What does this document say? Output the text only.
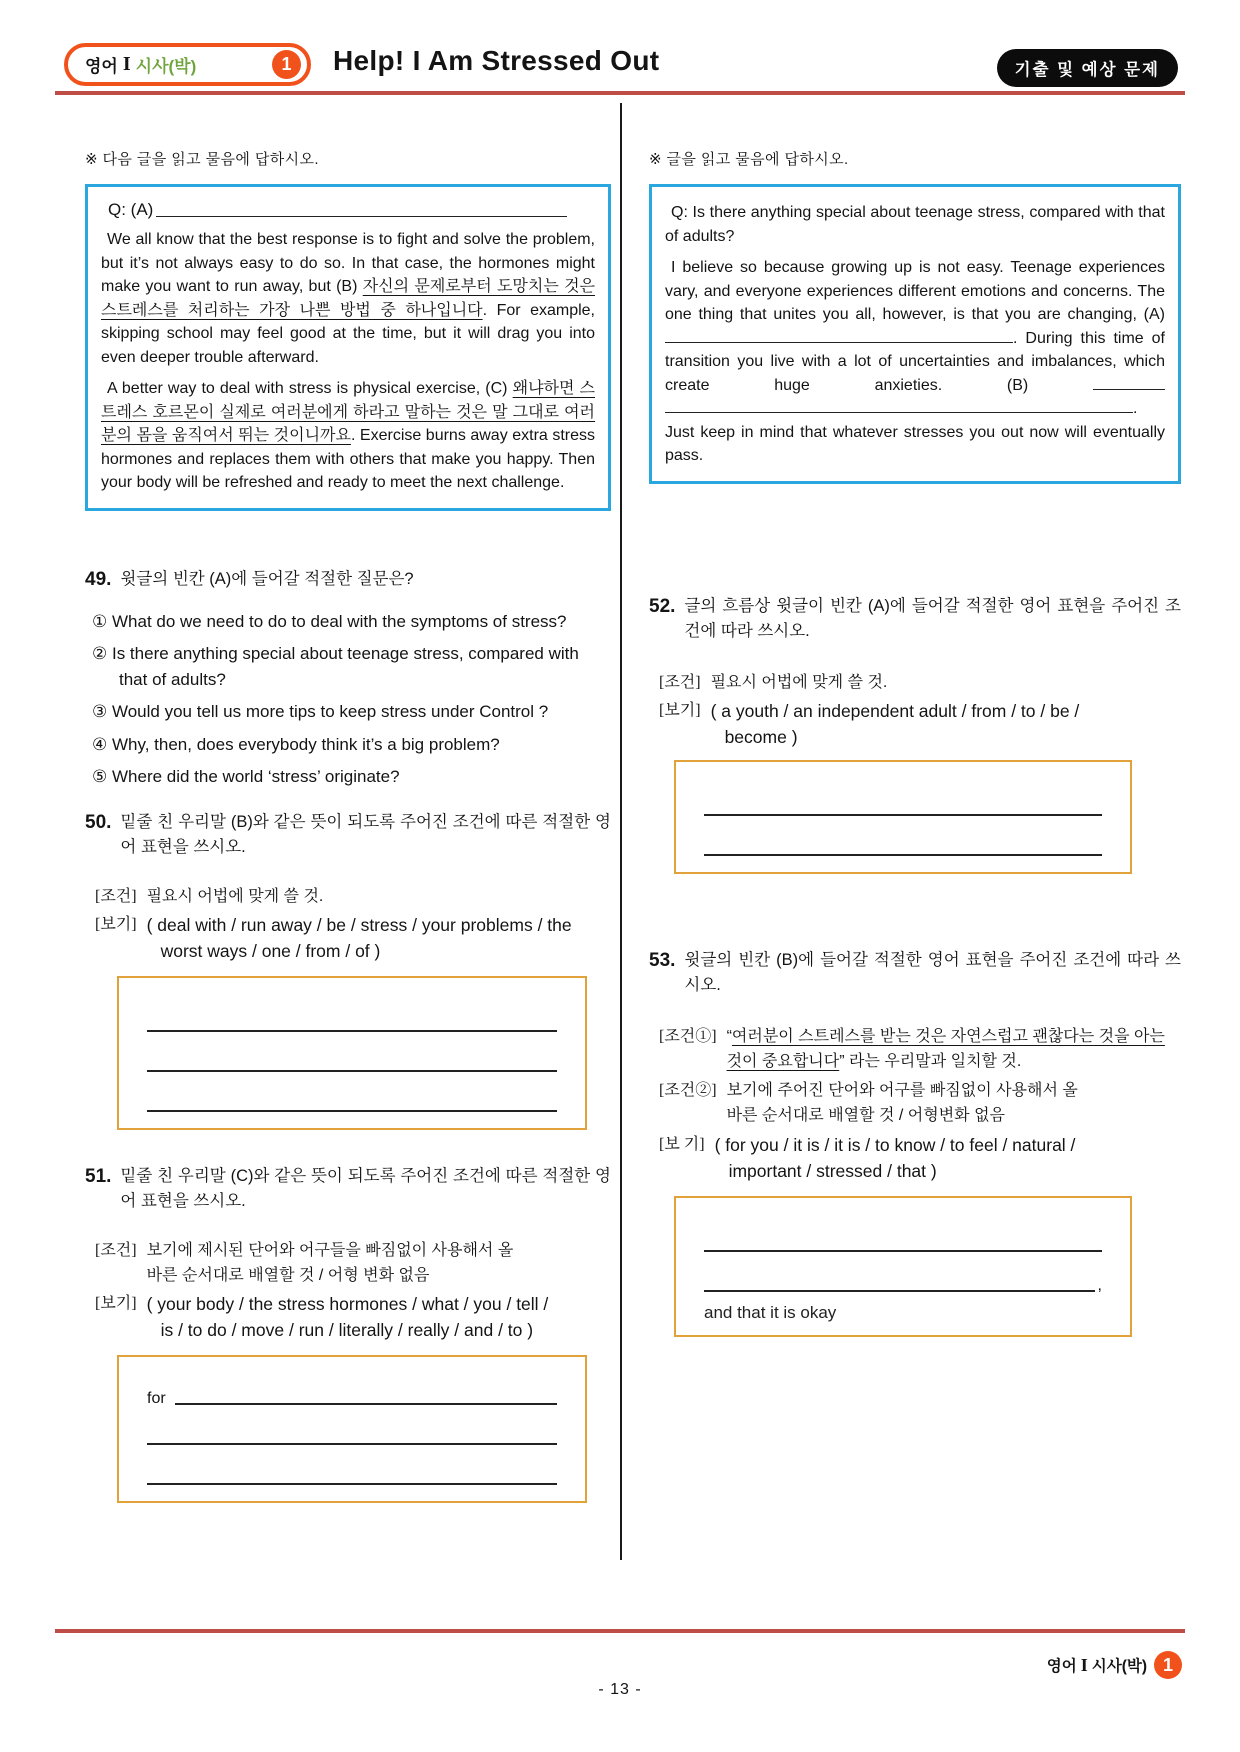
영어 I 시사(박)	1	Help! I Am Stressed Out	기출 및 예상 문제
※ 다음 글을 읽고 물음에 답하시오.
Q: (A)

We all know that the best response is to fight and solve the problem, but it’s not always easy to do so. In that case, the hormones might make you want to run away, but (B) 자신의 문제로부터 도망치는 것은 스트레스를 처리하는 가장 나쁜 방법 중 하나입니다. For example, skipping school may feel good at the time, but it will drag you into even deeper trouble afterward.

A better way to deal with stress is physical exercise, (C) 왜냐하면 스트레스 호르몬이 실제로 여러분에게 하라고 말하는 것은 말 그대로 여러분의 몸을 움직여서 뛰는 것이니까요. Exercise burns away extra stress hormones and replaces them with others that make you happy. Then your body will be refreshed and ready to meet the next challenge.

49. 윗글의 빈칸 (A)에 들어갈 적절한 질문은?
① What do we need to do to deal with the symptoms of stress?
② Is there anything special about teenage stress, compared with that of adults?
③ Would you tell us more tips to keep stress under Control ?
④ Why, then, does everybody think it’s a big problem?
⑤ Where did the world ‘stress’ originate?
50. 밑줄 친 우리말 (B)와 같은 뜻이 되도록 주어진 조건에 따른 적절한 영어 표현을 쓰시오.
[조건] 필요시 어법에 맞게 쓸 것.
[보기] ( deal with / run away / be / stress / your problems / the worst ways / one / from / of )
51. 밑줄 친 우리말 (C)와 같은 뜻이 되도록 주어진 조건에 따른 적절한 영어 표현을 쓰시오.
[조건] 보기에 제시된 단어와 어구들을 빠짐없이 사용해서 올바른 순서대로 배열할 것 / 어형 변화 없음
[보기] ( your body / the stress hormones / what / you / tell / is / to do / move / run / literally / really / and / to )
for
※ 글을 읽고 물음에 답하시오.

Q: Is there anything special about teenage stress, compared with that of adults?

I believe so because growing up is not easy. Teenage experiences vary, and everyone experiences different emotions and concerns. The one thing that unites you all, however, is that you are changing, (A) . During this time of transition you live with a lot of uncertainties and imbalances, which create huge anxieties. (B) . Just keep in mind that whatever stresses you out now will eventually pass.

52. 글의 흐름상 윗글이 빈칸 (A)에 들어갈 적절한 영어 표현을 주어진 조건에 따라 쓰시오.
[조건] 필요시 어법에 맞게 쓸 것.
[보기] ( a youth / an independent adult / from / to / be / become )
53. 윗글의 빈칸 (B)에 들어갈 적절한 영어 표현을 주어진 조건에 따라 쓰시오.
[조건①] “여러분이 스트레스를 받는 것은 자연스럽고 괜찮다는 것을 아는 것이 중요합니다” 라는 우리말과 일치할 것.
[조건②] 보기에 주어진 단어와 어구를 빠짐없이 사용해서 올바른 순서대로 배열할 것 / 어형변화 없음
[보 기] ( for you / it is / it is / to know / to feel / natural / important / stressed / that )
,
and that it is okay
- 13 -
영어 I 시사(박) 1
